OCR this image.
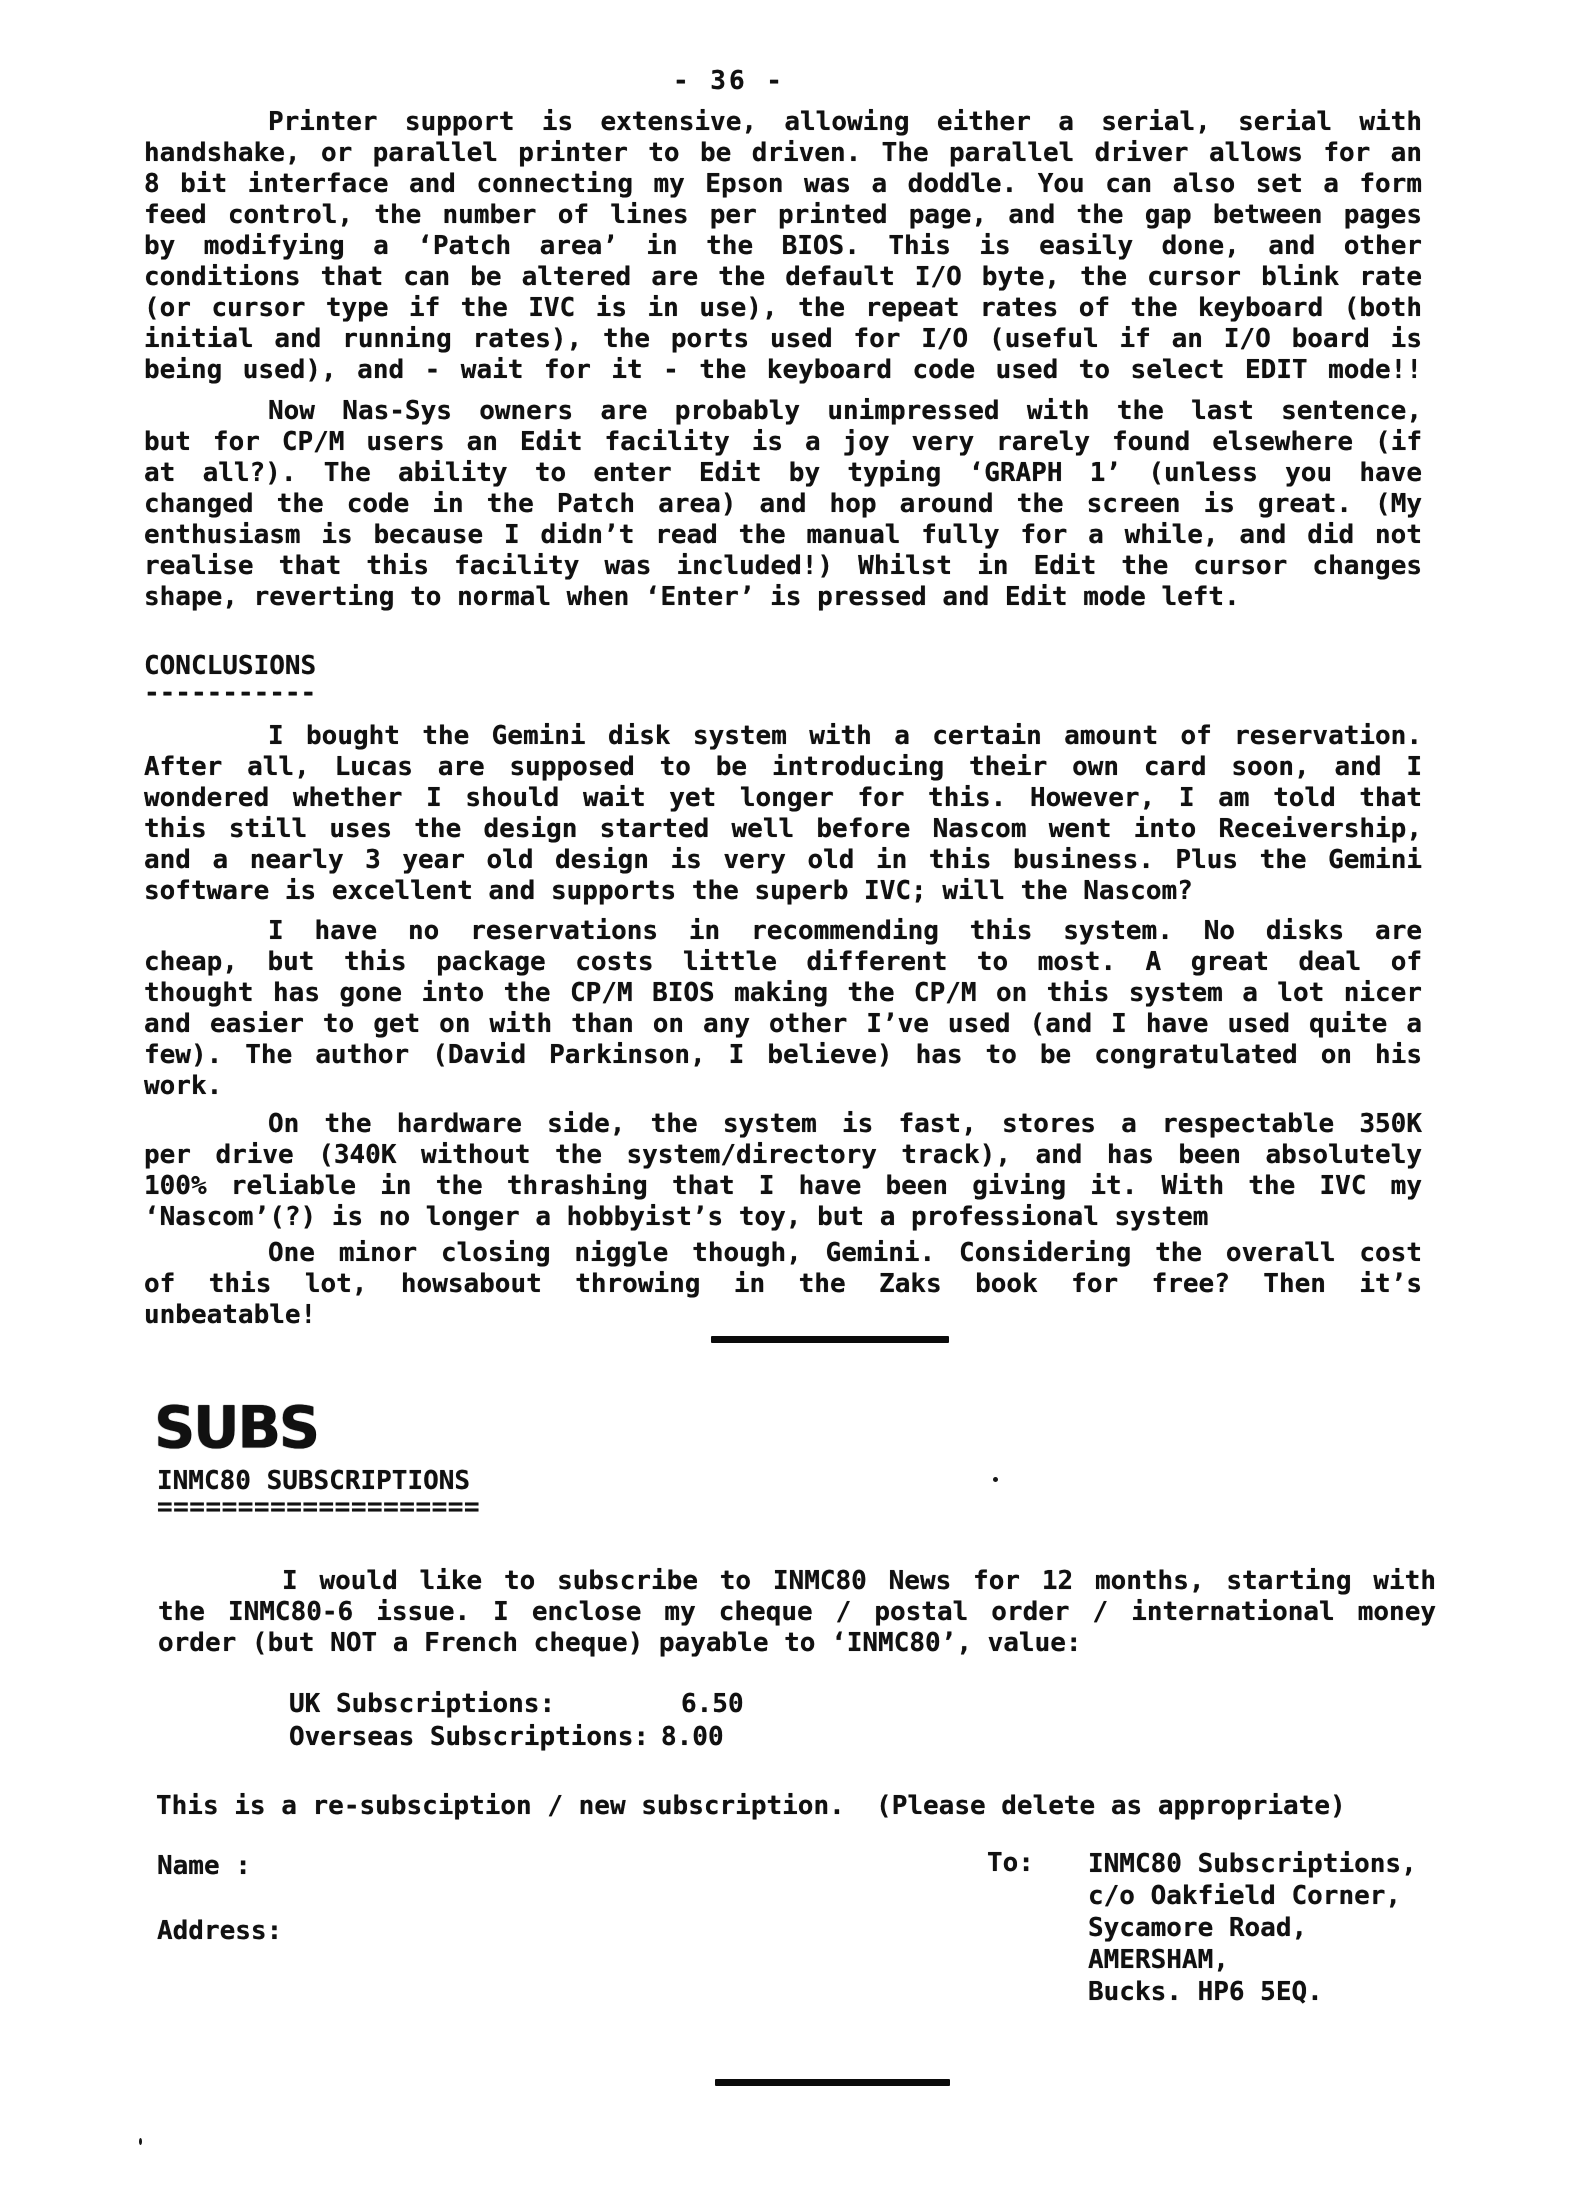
- 36 -
Printer support is extensive, allowing either a serial, serial with
handshake, or parallel printer to be driven. The parallel driver allows for an
8 bit interface and connecting my Epson was a doddle. You can also set a form
feed control, the number of lines per printed page, and the gap between pages
by modifying a ‘Patch area’ in the BIOS. This is easily done, and other
conditions that can be altered are the default I/O byte, the cursor blink rate
(or cursor type if the IVC is in use), the repeat rates of the keyboard (both
initial and running rates), the ports used for I/O (useful if an I/O board is
being used), and - wait for it - the keyboard code used to select EDIT mode!!
Now Nas-Sys owners are probably unimpressed with the last sentence,
but for CP/M users an Edit facility is a joy very rarely found elsewhere (if
at all?). The ability to enter Edit by typing ‘GRAPH 1’ (unless you have
changed the code in the Patch area) and hop around the screen is great. (My
enthusiasm is because I didn’t read the manual fully for a while, and did not
realise that this facility was included!) Whilst in Edit the cursor changes
shape, reverting to normal when ‘Enter’ is pressed and Edit mode left.
CONCLUSIONS
-----------
I bought the Gemini disk system with a certain amount of reservation.
After all, Lucas are supposed to be introducing their own card soon, and I
wondered whether I should wait yet longer for this. However, I am told that
this still uses the design started well before Nascom went into Receivership,
and a nearly 3 year old design is very old in this business. Plus the Gemini
software is excellent and supports the superb IVC; will the Nascom?
I have no reservations in recommending this system. No disks are
cheap, but this package costs little different to most. A great deal of
thought has gone into the CP/M BIOS making the CP/M on this system a lot nicer
and easier to get on with than on any other I’ve used (and I have used quite a
few). The author (David Parkinson, I believe) has to be congratulated on his
work.
On the hardware side, the system is fast, stores a respectable 350K
per drive (340K without the system/directory track), and has been absolutely
100% reliable in the thrashing that I have been giving it. With the IVC my
‘Nascom’(?) is no longer a hobbyist’s toy, but a professional system
One minor closing niggle though, Gemini. Considering the overall cost
of this lot, howsabout throwing in the Zaks book for free? Then it’s
unbeatable!
SUBS
INMC80 SUBSCRIPTIONS
====================
I would like to subscribe to INMC80 News for 12 months, starting with
the INMC80-6 issue. I enclose my cheque / postal order / international money
order (but NOT a French cheque) payable to ‘INMC80’, value:
UK Subscriptions:	6.50
Overseas Subscriptions: 8.00
This is a re-subsciption / new subscription.  (Please delete as appropriate)
Name :
Address:
To: INMC80 Subscriptions,
c/o Oakfield Corner,
Sycamore Road,
AMERSHAM,
Bucks. HP6 5EQ.
